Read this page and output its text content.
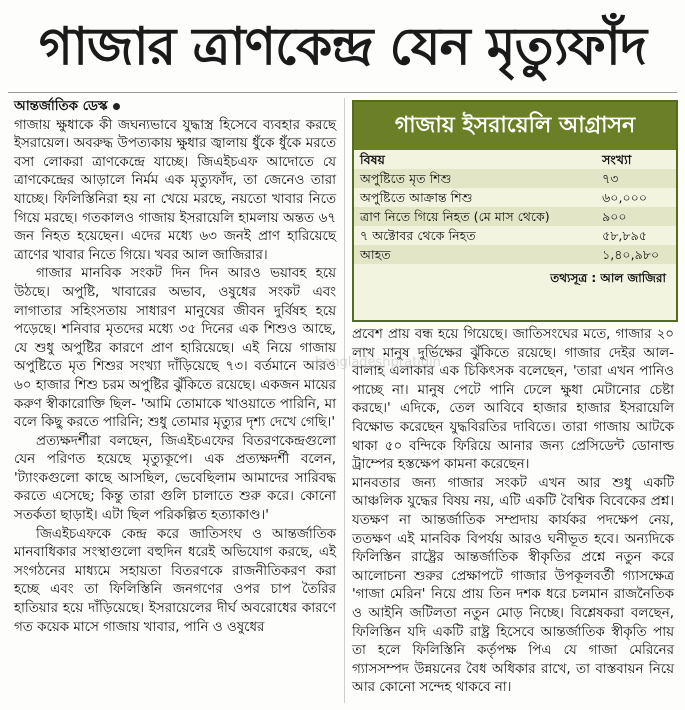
গাজার ত্রাণকেন্দ্র যেন মৃত্যুফাঁদ

আন্তর্জাতিক ডেস্ক

গাজায় ক্ষুধাকে কী জঘন্যভাবে যুদ্ধাস্ত্র হিসেবে ব্যবহার করছে ইসরায়েল। অবরুদ্ধ উপত্যকায় ক্ষুধার জ্বালায় ধুঁকে ধুঁকে মরতে বসা লোকরা ত্রাণকেন্দ্রে যাচ্ছে। জিএইচএফ আদোতে যে ত্রাণকেন্দ্রের আড়ালে নির্মম এক মৃত্যুফাঁদ, তা জেনেও তারা যাচ্ছে। ফিলিস্তিনিরা হয় না খেয়ে মরছে, নয়তো খাবার নিতে গিয়ে মরছে। গতকালও গাজায় ইসরায়েলি হামলায় অন্তত ৬৭ জন নিহত হয়েছেন। এদের মধ্যে ৬৩ জনই প্রাণ হারিয়েছে ত্রাণের খাবার নিতে গিয়ে। খবর আল জাজিরার।

গাজার মানবিক সংকট দিন দিন আরও ভয়াবহ হয়ে উঠছে। অপুষ্টি, খাবারের অভাব, ওষুধের সংকট এবং লাগাতার সহিংসতায় সাধারণ মানুষের জীবন দুর্বিষহ হয়ে পড়েছে। শনিবার মৃতদের মধ্যে ৩৫ দিনের এক শিশুও আছে, যে শুধু অপুষ্টির কারণে প্রাণ হারিয়েছে। এই নিয়ে গাজায় অপুষ্টিতে মৃত শিশুর সংখ্যা দাঁড়িয়েছে ৭৩। বর্তমানে আরও ৬০ হাজার শিশু চরম অপুষ্টির ঝুঁকিতে রয়েছে। একজন মায়ের করুণ স্বীকারোক্তি ছিল- 'আমি তোমাকে খাওয়াতে পারিনি, মা বলে কিছু করতে পারিনি; শুধু তোমার মৃত্যুর দৃশ্য দেখে গেছি।'

প্রত্যক্ষদর্শীরা বলছেন, জিএইচএফের বিতরণকেন্দ্রগুলো যেন পরিণত হয়েছে মৃত্যুকূপে। এক প্রত্যক্ষদর্শী বলেন, 'ট্যাংকগুলো কাছে আসছিল, ভেবেছিলাম আমাদের সারিবদ্ধ করতে এসেছে; কিন্তু তারা গুলি চালাতে শুরু করে। কোনো সতর্কতা ছাড়াই। এটা ছিল পরিকল্পিত হত্যাকাণ্ড।'

জিএইচএফকে কেন্দ্র করে জাতিসংঘ ও আন্তর্জাতিক মানবাধিকার সংস্থাগুলো বহুদিন ধরেই অভিযোগ করছে, এই সংগঠনের মাধ্যমে সহায়তা বিতরণকে রাজনীতিকরণ করা হচ্ছে এবং তা ফিলিস্তিনি জনগণের ওপর চাপ তৈরির হাতিয়ার হয়ে দাঁড়িয়েছে। ইসরায়েলের দীর্ঘ অবরোধের কারণে গত কয়েক মাসে গাজায় খাবার, পানি ও ওষুধের

গাজায় ইসরায়েলি আগ্রাসন
বিষয়	সংখ্যা
অপুষ্টিতে মৃত শিশু	৭৩
অপুষ্টিতে আক্রান্ত শিশু	৬০,০০০
ত্রাণ নিতে গিয়ে নিহত (মে মাস থেকে)	৯০০
৭ অক্টোবর থেকে নিহত	৫৮,৮৯৫
আহত	১,৪০,৯৮০
তথ্যসূত্র : আল জাজিরা

প্রবেশ প্রায় বন্ধ হয়ে গিয়েছে। জাতিসংঘের মতে, গাজার ২০ লাখ মানুষ দুর্ভিক্ষের ঝুঁকিতে রয়েছে। গাজার দেইর আল-বালাহ এলাকার এক চিকিৎসক বলেছেন, 'তারা এখন পানিও পাচ্ছে না। মানুষ পেটে পানি ঢেলে ক্ষুধা মেটানোর চেষ্টা করছে।' এদিকে, তেল আবিবে হাজার হাজার ইসরায়েলি বিক্ষোভ করেছেন যুদ্ধবিরতির দাবিতে। তারা গাজায় আটকে থাকা ৫০ বন্দিকে ফিরিয়ে আনার জন্য প্রেসিডেন্ট ডোনাল্ড ট্রাম্পের হস্তক্ষেপ কামনা করেছেন।

মানবতার জন্য গাজার সংকট এখন আর শুধু একটি আঞ্চলিক যুদ্ধের বিষয় নয়, এটি একটি বৈশ্বিক বিবেকের প্রশ্ন। যতক্ষণ না আন্তর্জাতিক সম্প্রদায় কার্যকর পদক্ষেপ নেয়, ততক্ষণ এই মানবিক বিপর্যয় আরও ঘনীভূত হবে। অন্যদিকে ফিলিস্তিন রাষ্ট্রের আন্তর্জাতিক স্বীকৃতির প্রশ্নে নতুন করে আলোচনা শুরুর প্রেক্ষাপটে গাজার উপকূলবর্তী গ্যাসক্ষেত্র 'গাজা মেরিন' নিয়ে প্রায় তিন দশক ধরে চলমান রাজনৈতিক ও আইনি জটিলতা নতুন মোড় নিচ্ছে। বিশ্লেষকরা বলছেন, ফিলিস্তিন যদি একটি রাষ্ট্র হিসেবে আন্তর্জাতিক স্বীকৃতি পায় তা হলে ফিলিস্তিনি কর্তৃপক্ষ পিএ যে গাজা মেরিনের গ্যাসসম্পদ উন্নয়নের বৈধ অধিকার রাখে, তা বাস্তবায়ন নিয়ে আর কোনো সন্দেহ থাকবে না।

bangladeshpratidin
